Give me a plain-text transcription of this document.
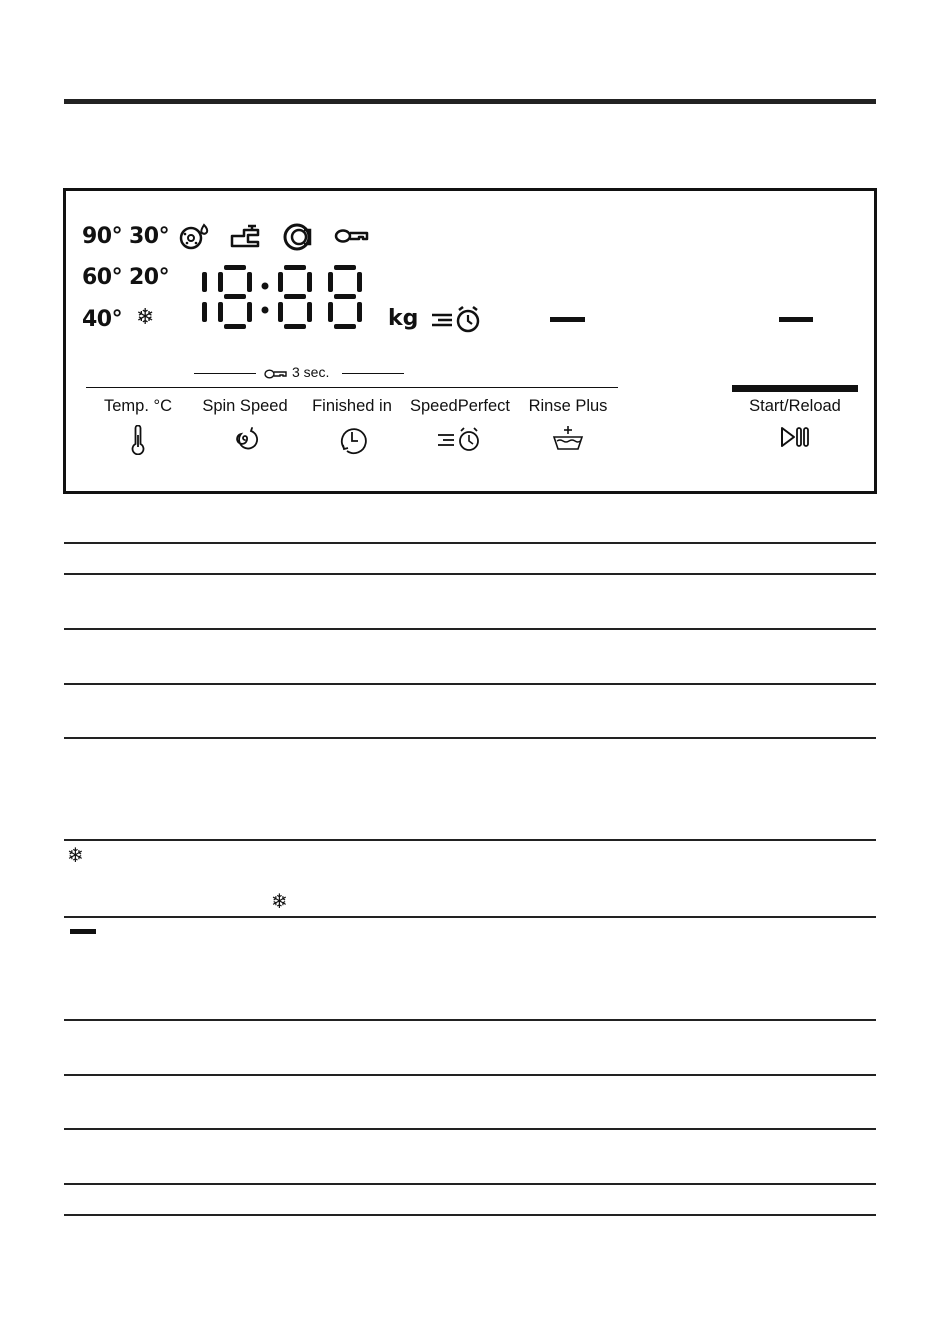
90° 30°
60° 20°
40° ❄	kg
3 sec.
Temp. °C	Spin Speed	Finished in	SpeedPerfect	Rinse Plus	Start/Reload
❄
❄
